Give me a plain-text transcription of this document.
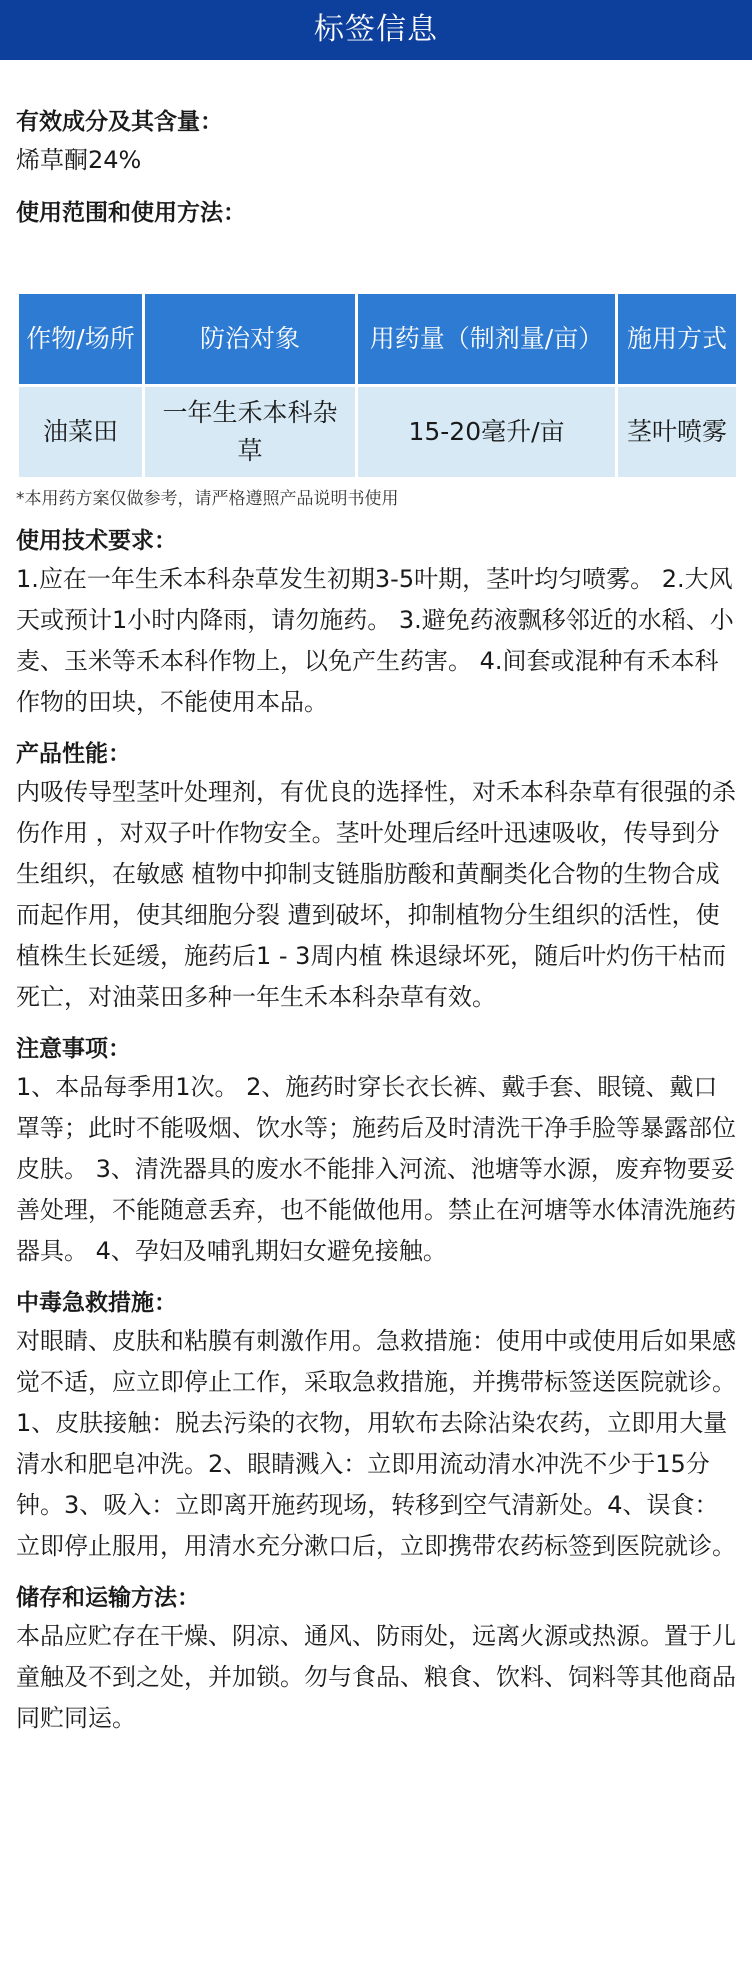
标签信息

有效成分及其含量：

烯草酮24%

使用范围和使用方法：

作物/场所	防治对象	用药量（制剂量/亩）	施用方式
油菜田	一年生禾本科杂草	15-20毫升/亩	茎叶喷雾
*本用药方案仅做参考，请严格遵照产品说明书使用

使用技术要求：

1.应在一年生禾本科杂草发生初期3-5叶期，茎叶均匀喷雾。 2.大风天或预计1小时内降雨，请勿施药。 3.避免药液飘移邻近的水稻、小麦、玉米等禾本科作物上，以免产生药害。 4.间套或混种有禾本科作物的田块，不能使用本品。

产品性能：

内吸传导型茎叶处理剂，有优良的选择性，对禾本科杂草有很强的杀伤作用 ，对双子叶作物安全。茎叶处理后经叶迅速吸收，传导到分生组织，在敏感 植物中抑制支链脂肪酸和黄酮类化合物的生物合成而起作用，使其细胞分裂 遭到破坏，抑制植物分生组织的活性，使植株生长延缓，施药后1 - 3周内植 株退绿坏死，随后叶灼伤干枯而死亡，对油菜田多种一年生禾本科杂草有效。

注意事项：

1、本品每季用1次。 2、施药时穿长衣长裤、戴手套、眼镜、戴口罩等；此时不能吸烟、饮水等；施药后及时清洗干净手脸等暴露部位皮肤。 3、清洗器具的废水不能排入河流、池塘等水源，废弃物要妥善处理，不能随意丢弃，也不能做他用。禁止在河塘等水体清洗施药器具。 4、孕妇及哺乳期妇女避免接触。

中毒急救措施：

对眼睛、皮肤和粘膜有刺激作用。急救措施：使用中或使用后如果感觉不适，应立即停止工作，采取急救措施，并携带标签送医院就诊。1、皮肤接触：脱去污染的衣物，用软布去除沾染农药，立即用大量清水和肥皂冲洗。2、眼睛溅入：立即用流动清水冲洗不少于15分钟。3、吸入：立即离开施药现场，转移到空气清新处。4、误食：立即停止服用，用清水充分漱口后，立即携带农药标签到医院就诊。

储存和运输方法：

本品应贮存在干燥、阴凉、通风、防雨处，远离火源或热源。置于儿童触及不到之处，并加锁。勿与食品、粮食、饮料、饲料等其他商品同贮同运。
